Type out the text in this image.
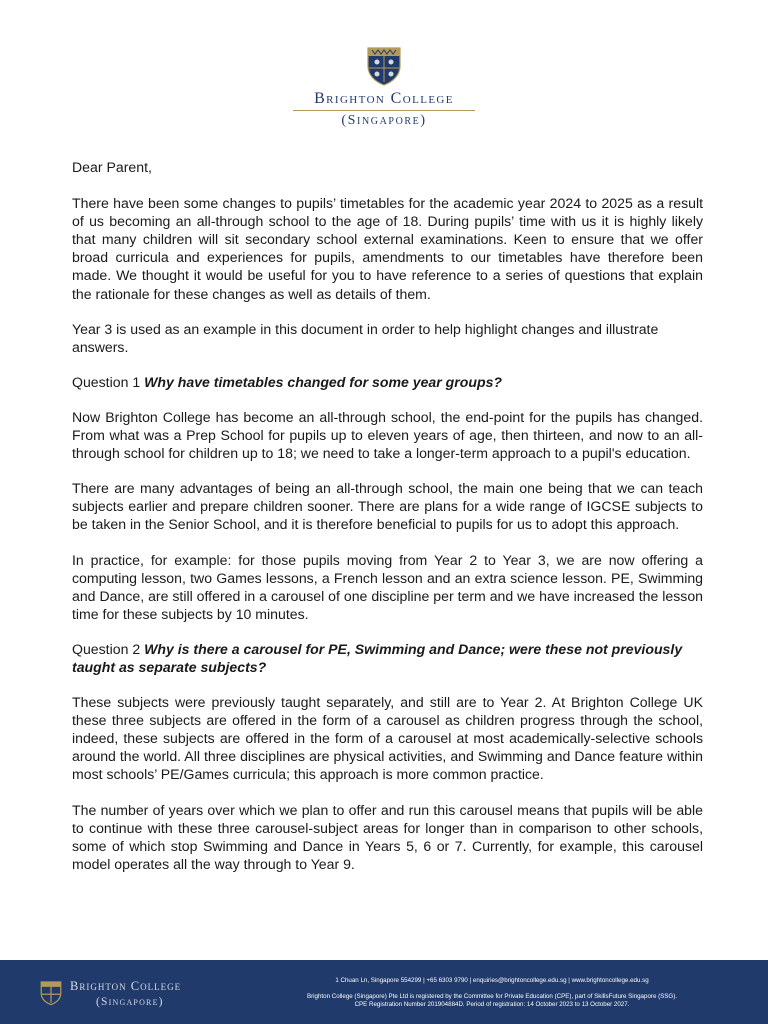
Brighton College
(Singapore)

Dear Parent,

There have been some changes to pupils’ timetables for the academic year 2024 to 2025 as a result of us becoming an all-through school to the age of 18. During pupils’ time with us it is highly likely that many children will sit secondary school external examinations. Keen to ensure that we offer broad curricula and experiences for pupils, amendments to our timetables have therefore been made. We thought it would be useful for you to have reference to a series of questions that explain the rationale for these changes as well as details of them.

Year 3 is used as an example in this document in order to help highlight changes and illustrate answers.

Question 1 Why have timetables changed for some year groups?

Now Brighton College has become an all-through school, the end-point for the pupils has changed. From what was a Prep School for pupils up to eleven years of age, then thirteen, and now to an all-through school for children up to 18; we need to take a longer-term approach to a pupil's education.

There are many advantages of being an all-through school, the main one being that we can teach subjects earlier and prepare children sooner. There are plans for a wide range of IGCSE subjects to be taken in the Senior School, and it is therefore beneficial to pupils for us to adopt this approach.

In practice, for example: for those pupils moving from Year 2 to Year 3, we are now offering a computing lesson, two Games lessons, a French lesson and an extra science lesson. PE, Swimming and Dance, are still offered in a carousel of one discipline per term and we have increased the lesson time for these subjects by 10 minutes.

Question 2 Why is there a carousel for PE, Swimming and Dance; were these not previously taught as separate subjects?

These subjects were previously taught separately, and still are to Year 2. At Brighton College UK these three subjects are offered in the form of a carousel as children progress through the school, indeed, these subjects are offered in the form of a carousel at most academically-selective schools around the world. All three disciplines are physical activities, and Swimming and Dance feature within most schools’ PE/Games curricula; this approach is more common practice.

The number of years over which we plan to offer and run this carousel means that pupils will be able to continue with these three carousel-subject areas for longer than in comparison to other schools, some of which stop Swimming and Dance in Years 5, 6 or 7. Currently, for example, this carousel model operates all the way through to Year 9.

Brighton College
(Singapore)
1 Chuan Ln, Singapore 554299 | +65 6303 9790 | enquiries@brightoncollege.edu.sg | www.brightoncollege.edu.sg
Brighton College (Singapore) Pte Ltd is registered by the Committee for Private Education (CPE), part of SkillsFuture Singapore (SSG).
CPE Registration Number 201904884D. Period of registration: 14 October 2023 to 13 October 2027.
